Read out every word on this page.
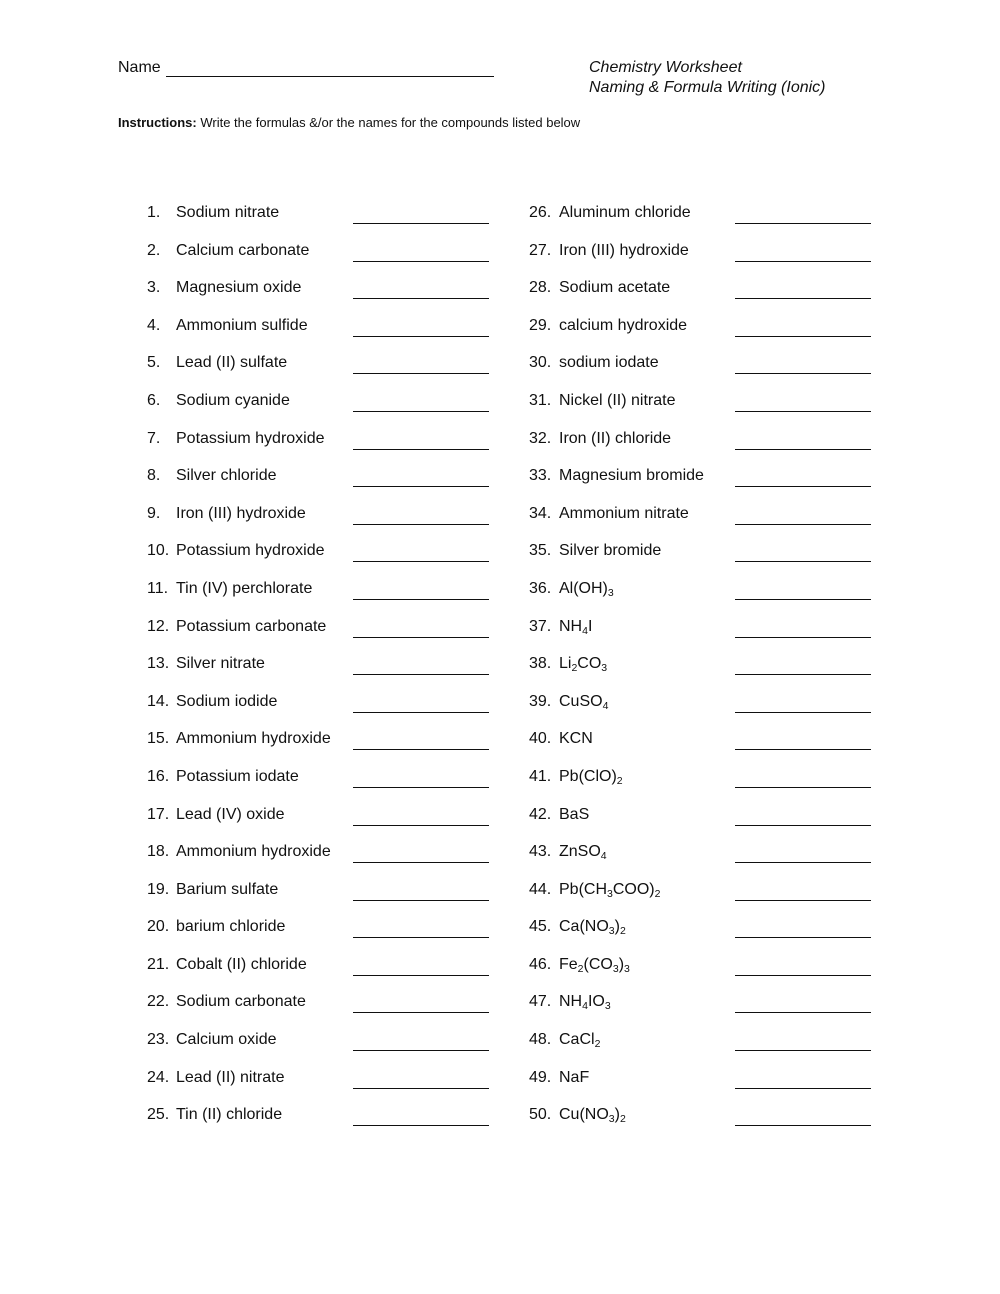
Name	Chemistry Worksheet
Naming & Formula Writing (Ionic)
Instructions: Write the formulas &/or the names for the compounds listed below
1. Sodium nitrate
2. Calcium carbonate
3. Magnesium oxide
4. Ammonium sulfide
5. Lead (II) sulfate
6. Sodium cyanide
7. Potassium hydroxide
8. Silver chloride
9. Iron (III) hydroxide
10. Potassium hydroxide
11. Tin (IV) perchlorate
12. Potassium carbonate
13. Silver nitrate
14. Sodium iodide
15. Ammonium hydroxide
16. Potassium iodate
17. Lead (IV) oxide
18. Ammonium hydroxide
19. Barium sulfate
20. barium chloride
21. Cobalt (II) chloride
22. Sodium carbonate
23. Calcium oxide
24. Lead (II) nitrate
25. Tin (II) chloride
26. Aluminum chloride
27. Iron (III) hydroxide
28. Sodium acetate
29. calcium hydroxide
30. sodium iodate
31. Nickel (II) nitrate
32. Iron (II) chloride
33. Magnesium bromide
34. Ammonium nitrate
35. Silver bromide
36. $Al(OH)_3$
37. $NH_4I$
38. $Li_2CO_3$
39. CuSO$_4$
40. KCN
41. $Pb(ClO)_2$
42. BaS
43. ZnSO$_4$
44. $Pb(CH_3COO)_2$
45. $Ca(NO_3)_2$
46. $Fe_2(CO_3)_3$
47. $NH_4IO_3$
48. CaCl$_2$
49. NaF
50. $Cu(NO_3)_2$
